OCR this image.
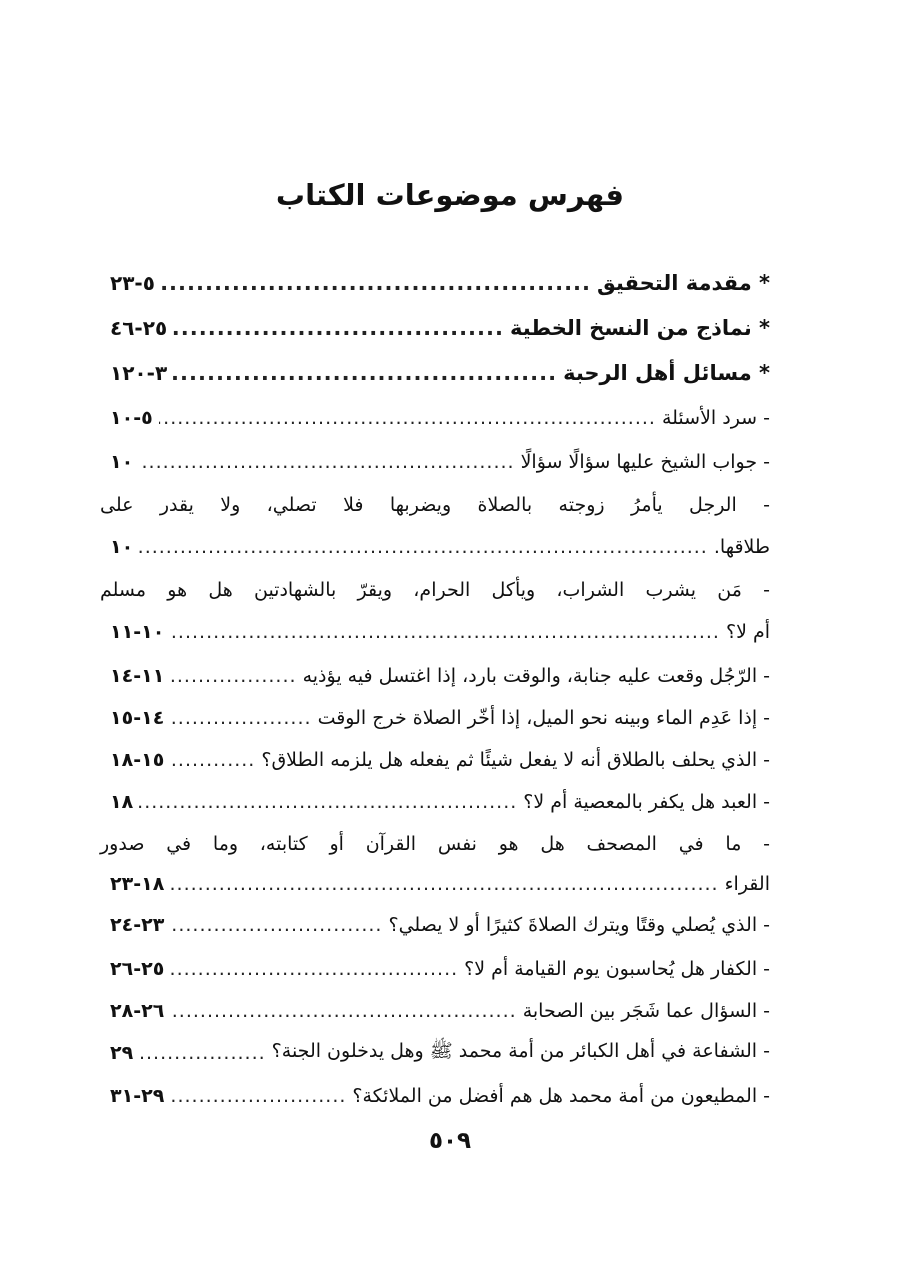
فهرس موضوعات الكتاب
* مقدمة التحقيق
.....
٥-٢٣
* نماذج من النسخ الخطية
.....
٢٥-٤٦
* مسائل أهل الرحبة
.....
٣-١٢٠
- سرد الأسئلة
.....
٥-١٠
- جواب الشيخ عليها سؤالًا سؤالًا
.....
١٠
طلاقها.
.....
١٠
أم لا؟
.....
١٠-١١
- الرّجُل وقعت عليه جنابة، والوقت بارد، إذا اغتسل فيه يؤذيه
.....
١١-١٤
- إذا عَدِم الماء وبينه نحو الميل، إذا أخّر الصلاة خرج الوقت
.....
١٤-١٥
- الذي يحلف بالطلاق أنه لا يفعل شيئًا ثم يفعله هل يلزمه الطلاق؟
.....
١٥-١٨
- العبد هل يكفر بالمعصية أم لا؟
.....
١٨
القراء
.....
١٨-٢٣
- الذي يُصلي وقتًا ويترك الصلاةَ كثيرًا أو لا يصلي؟
.....
٢٣-٢٤
- الكفار هل يُحاسبون يوم القيامة أم لا؟
.....
٢٥-٢٦
- السؤال عما شَجَر بين الصحابة
.....
٢٦-٢٨
- الشفاعة في أهل الكبائر من أمة محمد ﷺ وهل يدخلون الجنة؟
.....
٢٩
- المطيعون من أمة محمد هل هم أفضل من الملائكة؟
.....
٢٩-٣١
- الرجل يأمرُ زوجته بالصلاة ويضربها فلا تصلي، ولا يقدر على
- مَن يشرب الشراب، ويأكل الحرام، ويقرّ بالشهادتين هل هو مسلم
- ما في المصحف هل هو نفس القرآن أو كتابته، وما في صدور
٥٠٩
